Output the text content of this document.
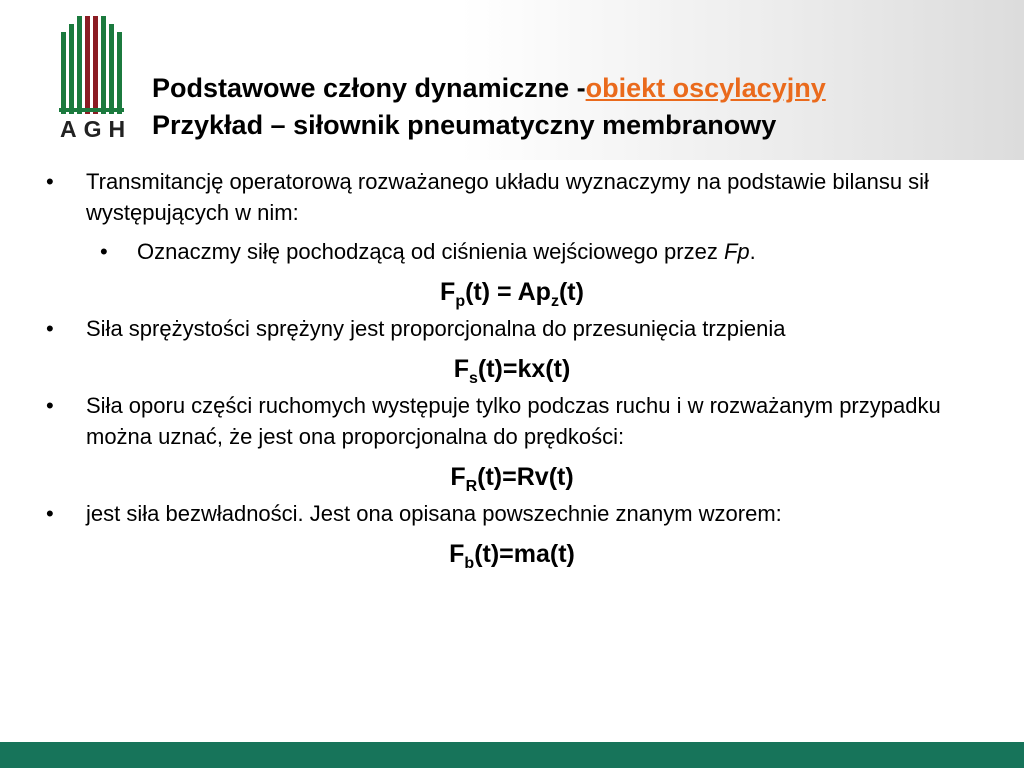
AGH
Podstawowe człony dynamiczne -obiekt oscylacyjny
Przykład – siłownik pneumatyczny membranowy
• Transmitancję operatorową rozważanego układu wyznaczymy na podstawie bilansu sił występujących w nim:
• Oznaczmy siłę pochodzącą od ciśnienia wejściowego przez Fp.
$F_p(t) = Ap_z(t)$
• Siła sprężystości sprężyny jest proporcjonalna do przesunięcia trzpienia
$F_s(t)=kx(t)$
• Siła oporu części ruchomych występuje tylko podczas ruchu i w rozważanym przypadku można uznać, że jest ona proporcjonalna do prędkości:
$F_R(t)=Rv(t)$
• jest siła bezwładności. Jest ona opisana powszechnie znanym wzorem:
$F_b(t)=ma(t)$
